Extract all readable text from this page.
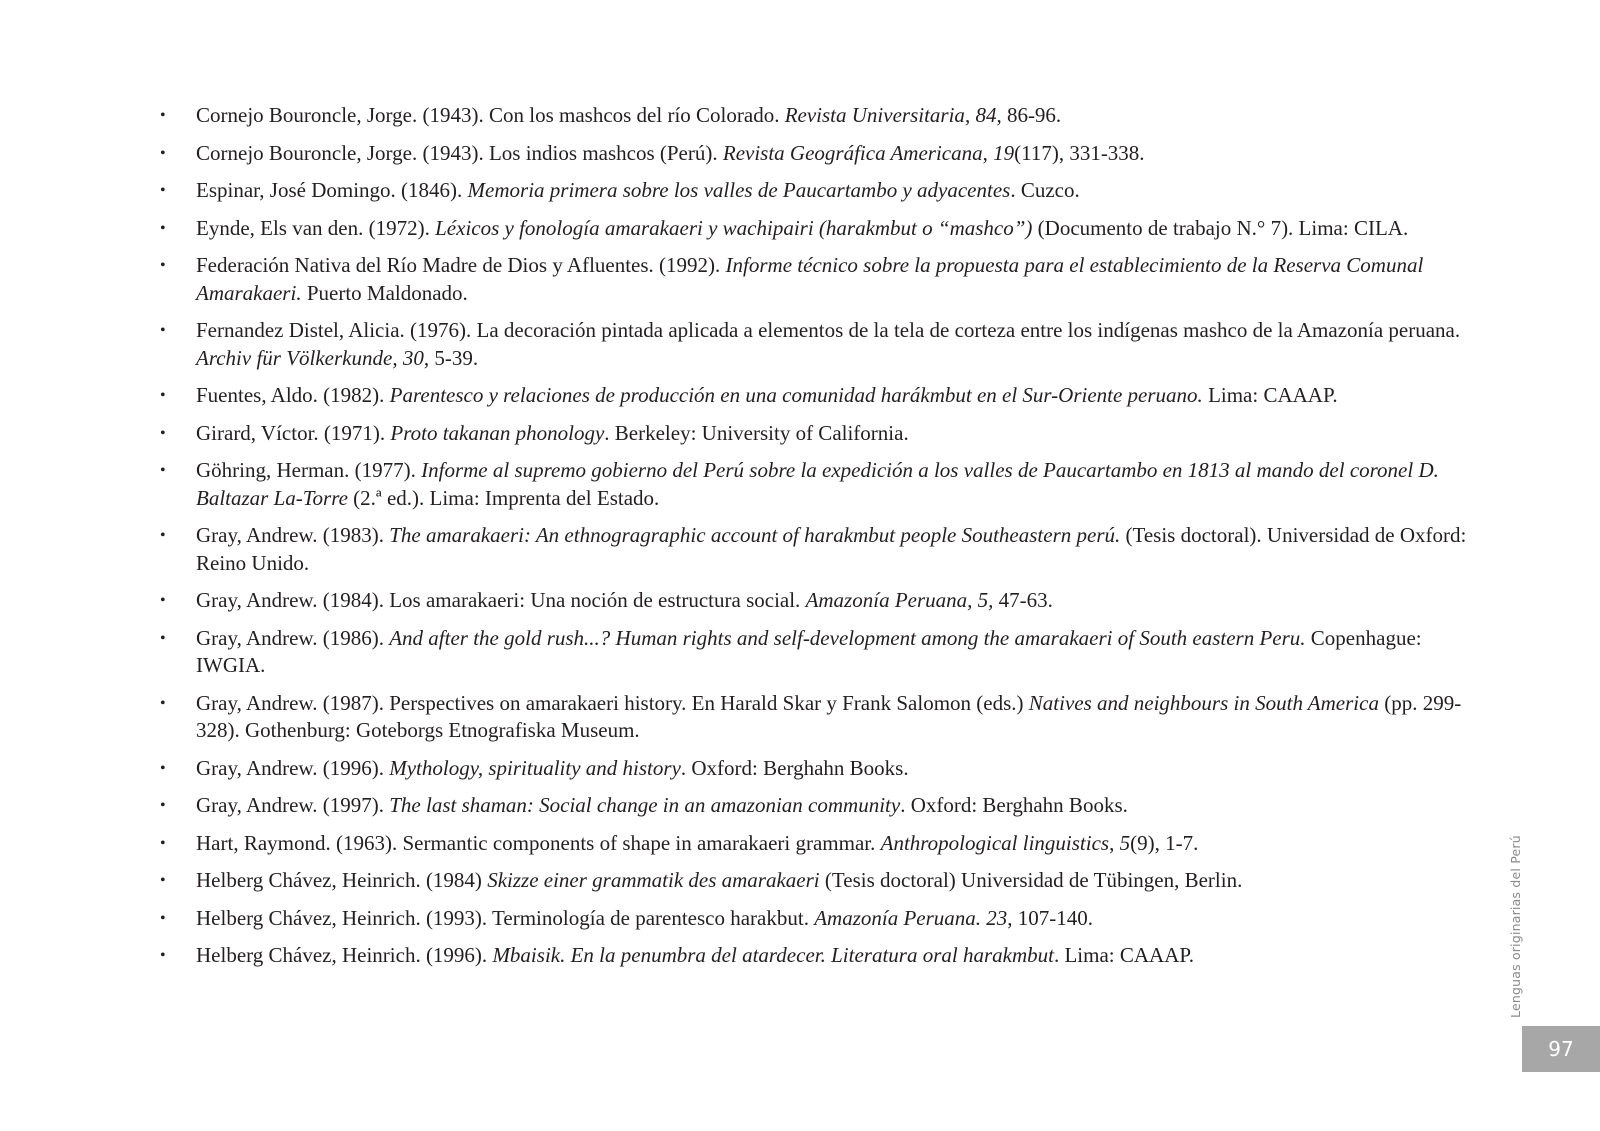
• Cornejo Bouroncle, Jorge. (1943). Con los mashcos del río Colorado. Revista Universitaria, 84, 86-96.
• Cornejo Bouroncle, Jorge. (1943). Los indios mashcos (Perú). Revista Geográfica Americana, 19(117), 331-338.
• Espinar, José Domingo. (1846). Memoria primera sobre los valles de Paucartambo y adyacentes. Cuzco.
• Eynde, Els van den. (1972). Léxicos y fonología amarakaeri y wachipairi (harakmbut o “mashco”) (Documento de trabajo N.° 7). Lima: CILA.
• Federación Nativa del Río Madre de Dios y Afluentes. (1992). Informe técnico sobre la propuesta para el establecimiento de la Reserva Comunal Amarakaeri. Puerto Maldonado.
• Fernandez Distel, Alicia. (1976). La decoración pintada aplicada a elementos de la tela de corteza entre los indígenas mashco de la Amazonía peruana. Archiv für Völkerkunde, 30, 5-39.
• Fuentes, Aldo. (1982). Parentesco y relaciones de producción en una comunidad harákmbut en el Sur-Oriente peruano. Lima: CAAAP.
• Girard, Víctor. (1971). Proto takanan phonology. Berkeley: University of California.
• Göhring, Herman. (1977). Informe al supremo gobierno del Perú sobre la expedición a los valles de Paucartambo en 1813 al mando del coronel D. Baltazar La-Torre (2.ª ed.). Lima: Imprenta del Estado.
• Gray, Andrew. (1983). The amarakaeri: An ethnogragraphic account of harakmbut people Southeastern perú. (Tesis doctoral). Universidad de Oxford: Reino Unido.
• Gray, Andrew. (1984). Los amarakaeri: Una noción de estructura social. Amazonía Peruana, 5, 47-63.
• Gray, Andrew. (1986). And after the gold rush...? Human rights and self-development among the amarakaeri of South eastern Peru. Copenhague: IWGIA.
• Gray, Andrew. (1987). Perspectives on amarakaeri history. En Harald Skar y Frank Salomon (eds.) Natives and neighbours in South America (pp. 299-328). Gothenburg: Goteborgs Etnografiska Museum.
• Gray, Andrew. (1996). Mythology, spirituality and history. Oxford: Berghahn Books.
• Gray, Andrew. (1997). The last shaman: Social change in an amazonian community. Oxford: Berghahn Books.
• Hart, Raymond. (1963). Sermantic components of shape in amarakaeri grammar. Anthropological linguistics, 5(9), 1-7.
• Helberg Chávez, Heinrich. (1984) Skizze einer grammatik des amarakaeri (Tesis doctoral) Universidad de Tübingen, Berlin.
• Helberg Chávez, Heinrich. (1993). Terminología de parentesco harakbut. Amazonía Peruana. 23, 107-140.
• Helberg Chávez, Heinrich. (1996). Mbaisik. En la penumbra del atardecer. Literatura oral harakmbut. Lima: CAAAP.	Lenguas originarias del Perú
97
